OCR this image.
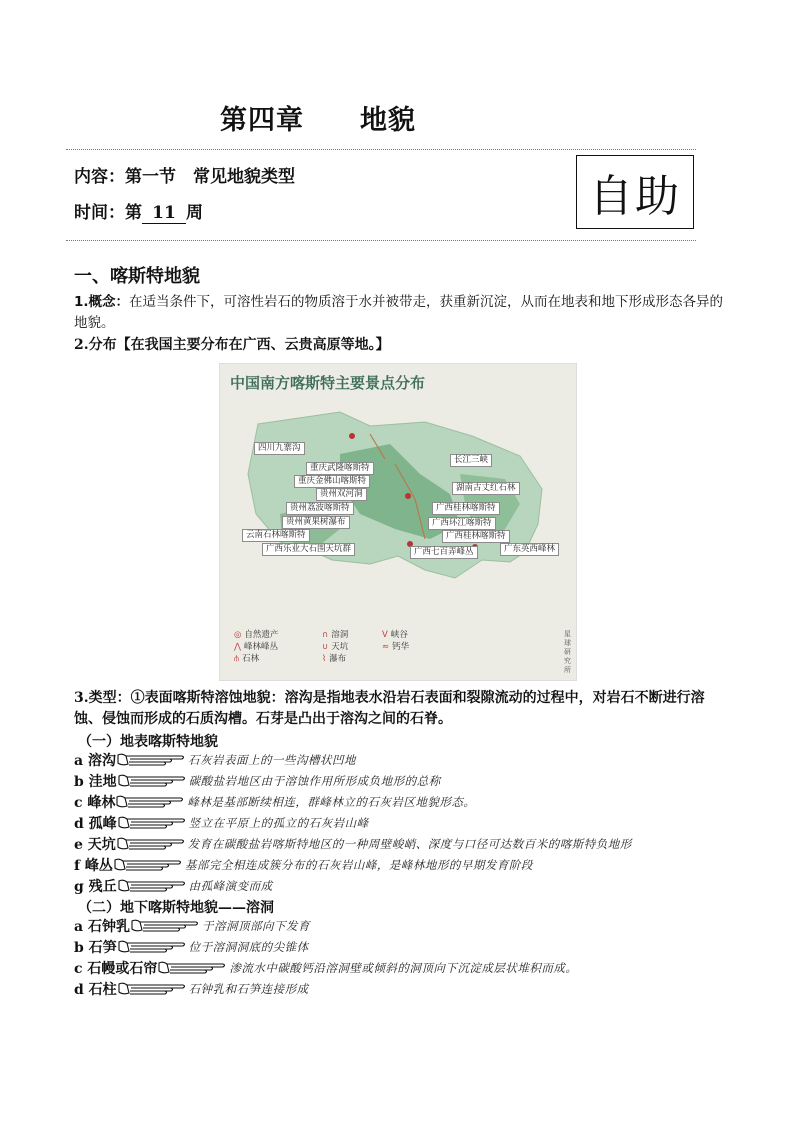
第四章　　地貌
内容：第一节　常见地貌类型
时间：第 11 周	自助
一、喀斯特地貌
1.概念：在适当条件下，可溶性岩石的物质溶于水并被带走，获重新沉淀，从而在地表和地下形成形态各异的地貌。
2.分布【在我国主要分布在广西、云贵高原等地。】
中国南方喀斯特主要景点分布
四川九寨沟
长江三峡
重庆武隆喀斯特
重庆金佛山喀斯特
贵州双河洞
湖南古丈红石林
贵州荔波喀斯特	广西桂林喀斯特
贵州黄果树瀑布	广西环江喀斯特
云南石林喀斯特	广西桂林喀斯特
广西乐业大石围天坑群	广西七百弄峰丛	广东英西峰林
◎ 自然遗产	∩ 溶洞	V 峡谷
⋀ 峰林峰丛	∪ 天坑	≈ 钙华
⫛ 石林	⌇ 瀑布
星球研究所
3.类型：①表面喀斯特溶蚀地貌：溶沟是指地表水沿岩石表面和裂隙流动的过程中，对岩石不断进行溶蚀、侵蚀而形成的石质沟槽。石芽是凸出于溶沟之间的石脊。
（一）地表喀斯特地貌
a 溶沟	石灰岩表面上的一些沟槽状凹地
b 洼地	碳酸盐岩地区由于溶蚀作用所形成负地形的总称
c 峰林	峰林是基部断续相连，群峰林立的石灰岩区地貌形态。
d 孤峰	竖立在平原上的孤立的石灰岩山峰
e 天坑	发育在碳酸盐岩喀斯特地区的一种周壁峻峭、深度与口径可达数百米的喀斯特负地形
f 峰丛	基部完全相连成簇分布的石灰岩山峰，是峰林地形的早期发育阶段
g 残丘	由孤峰演变而成
（二）地下喀斯特地貌——溶洞
a 石钟乳	于溶洞顶部向下发育
b 石笋	位于溶洞洞底的尖锥体
c 石幔或石帘	渗流水中碳酸钙沿溶洞壁或倾斜的洞顶向下沉淀成层状堆积而成。
d 石柱	石钟乳和石笋连接形成
